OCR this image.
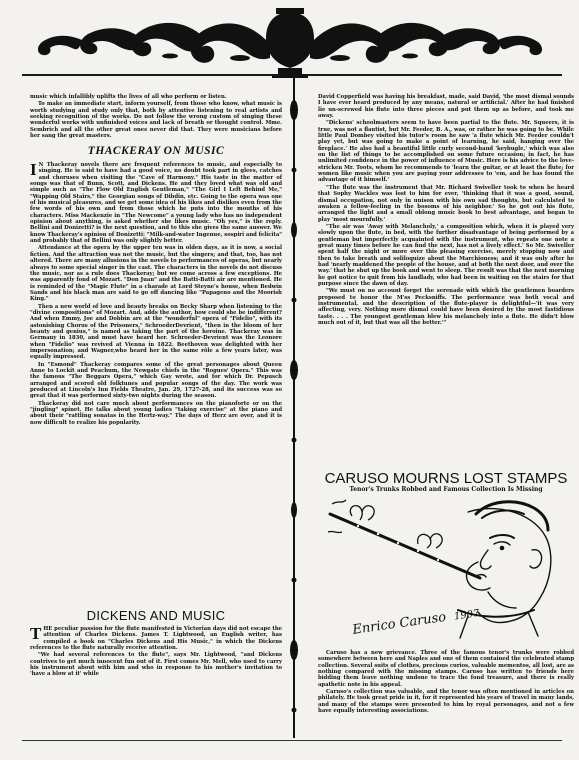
music which infallibly uplifts the lives of all who perform or listen.

To make an immediate start, inform yourself, from those who know, what music is worth studying and study only that, both by attentive listening to real artists and seeking recognition of the works. Do not follow the wrong custom of singing these wonderful works with unfinished voices and lack of breath or thought control. Mme. Sembrich and all the other great ones never did that. They were musicians before her sang the great masters.

THACKERAY ON MUSIC

I N Thackeray novels there are frequent references to music, and especially to singing. He is said to have had a good voice, no doubt took part in glees, catches and choruses when visiting the "Cave of Harmony." His taste in the matter of songs was that of Bunn, Scott, and Dickens. He and they loved what was old and simple such as "The Flow Old English Gentleman," "The Girl I Left Behind Me," "Wapping Old Stairs," the Georgian songs of Dibdin, etc. Going to the opera was one of his musical pleasures, and we get some idea of his likes and dislikes even from the few words of his own and from those which he puts into the mouths of his characters. Miss Mackenzie in "The Newcome" a young lady who has no independent opinion about anything, is asked whether she likes music. "Oh yes," is the reply. Bellini and Donizetti? is the next question, and to this she gives the same answer. We know Thackeray's opinion of Donizetti: "Milk-and-water Ingenue, sospiri and felicita" and probably that of Bellini was only slightly better.

Attendance at the opera by the upper ten was in olden days, as it is now, a social fiction. And the attraction was not the music, but the singers; and that, too, has not altered. There are many allusions in the novels to performances of operas, but nearly always to some special singer in the cast. The characters in the novels do not discuss the music, nor as a rule does Thackeray; but we come across a few exceptions. He was apparently fond of Mozart. "Don Juan" and the Batti-Batti air are mentioned. He is reminded of the "Magic Flute" in a charade at Lord Steyne's house, when Bedwin Sands and his black man are said to go off dancing like "Papageno and the Moorish King."

Then a new world of love and beauty breaks on Becky Sharp when listening to the "divine compositions" of Mozart. And, adds the author, how could she be indifferent? And when Emmy, Joe and Dobbin are at the "wonderful" opera of "Fidelio", with its astonishing Chorus of the Prisoners," SchroederDevrient, "then in the bloom of her beauty and genius," is named as taking the part of the heroine. Thackeray was in Germany in 1830, and must have heard her. Schroeder-Devrient was the Leonore when "Fidelio" was revived at Vienna in 1822. Beethoven was delighted with her impersonation; and Wagner,who heard her in the same rôle a few years later, was equally impressed.

In "Esmond" Thackeray compares some of the great personages about Queen Anne to Lockit and Peachum, the Newgate chiefs in the "Rogues' Opera." This was the famous "The Beggars Opera," which Gay wrote, and for which Dr. Pepusch arranged and scored old folktunes and popular songs of the day. The work was produced at Lincoln's Inn Fields Theatre, Jan. 29, 1727-28, and its success was so great that it was performed sixty-two nights during the season.

Thackeray did not care much about performances on the pianoforte or on the "jingling" spinet. He talks about young ladies "taking exercise" at the piano and about their "rattling sonatas in the Hertz-way." The days of Herz are over, and it is now difficult to realize his popularity.

DICKENS AND MUSIC

THE peculiar passion for the flute manifested in Victorian days did not escape the attention of Charles Dickens. James T. Lightwood, an English writer, has compiled a book on "Charles Dickens and His Music," in which the Dickens references to the flute naturally receive attention.

"We had several references to the flute", says Mr. Lightwood, "and Dickens contrives to get much innocent fun out of it. First comes Mr. Mell, who used to carry his instrument about with him and who in response to his mother's invitation to 'have a blow at it' while

David Copperfield was having his breakfast, made, said David, 'the most dismal sounds I have ever heard produced by any means, natural or artificial.' After he had finished lie un-screwed his flute into three pieces and put them up as before, and took me away.

"Dickens' schoolmasters seem to have been partial to the flute. Mr. Squeers, it is true, was not a flautist, but Mr. Feeder, B. A., was, or rather he was going to be. While little Paul Dombey visited his tutor's room he saw 'a flute which Mr. Feeder couldn't play yet, but was going to make a point of learning, he said, hanging over the fireplace.' He also had a beautiful little curly second-hand 'keybugle,' which was also on the list of things to be accomplished on some future occasion; in fact, he has unlimited confidence in the power of influence of Music. Here is his advice to the love-stricken Mr. Toots, whom he recommends to 'learn the guitar, or at least the flute; for women like music when you are paying your addresses to 'em, and he has found the advantage of it himself.'

"The flute was the instrument that Mr. Richard Swiveller took to when he heard that Sophy Wackles was lost to him for ever, 'thinking that it was a good, sound, dismal occupation, not only in unison with his own sad thoughts, but calculated to awaken a fellow-feeling in the bosoms of his neighbor.' So he got out his flute, arranged the light and a small oblong music book to best advantage, and began to play 'most mournfully.'

"The air was 'Away with Melancholy,' a composition which, when it is played very slowly upon the flute, in bed, with the further disadvantage of being performed by a gentleman but imperfectly acquainted with the instrument, who repeats one note a great many times before he can find the next, has not a lively effect.' So Mr. Swiveller spent half the night or more over this pleasing exercise, merely stopping now and then to take breath and soliloquize about the Marchioness; and it was only after he had 'nearly maddened the people of the house, and at both the next door, and over the way.' that he shut up the book and went to sleep. The result was that the next morning he got notice to quit from his landlady, who had been in waiting on the stairs for that purpose since the dawn of day.

"We must on no account forget the serenade with which the gentlemen boarders proposed to honor the M'ss Pecksniffs. The performance was both vocal and instrumental, and the description of the flute-player is delightful—'it was very affecting, very. Nothing more dismal could have been desired by the most fastidious taste. . . . The youngest gentleman blew his melancholy into a flute. He didn't blow much out of it, but that was all the better.'"

CARUSO MOURNS LOST STAMPS
Tenor's Trunks Robbed and Famous Collection Is Missing
Enrico Caruso 1907

Caruso has a new grievance. Three of the famous tenor's trunks were robbed somewhere between here and Naples and one of them contained the celebrated stamp collection. Several suits of clothes, precious curios, valuable mementos, all lost, are as nothing compared with the missing stamps. Caruso has written to friends here bidding them leave nothing undone to trace the fond treasure, and there is really apathetic note in his appeal.

Caruso's collection was valuable, and the tenor was often mentioned in articles on philately. He took great pride in it, for it represented his years of travel in many lands, and many of the stamps were presented to him by royal personages, and not a few have equally interesting associations.
